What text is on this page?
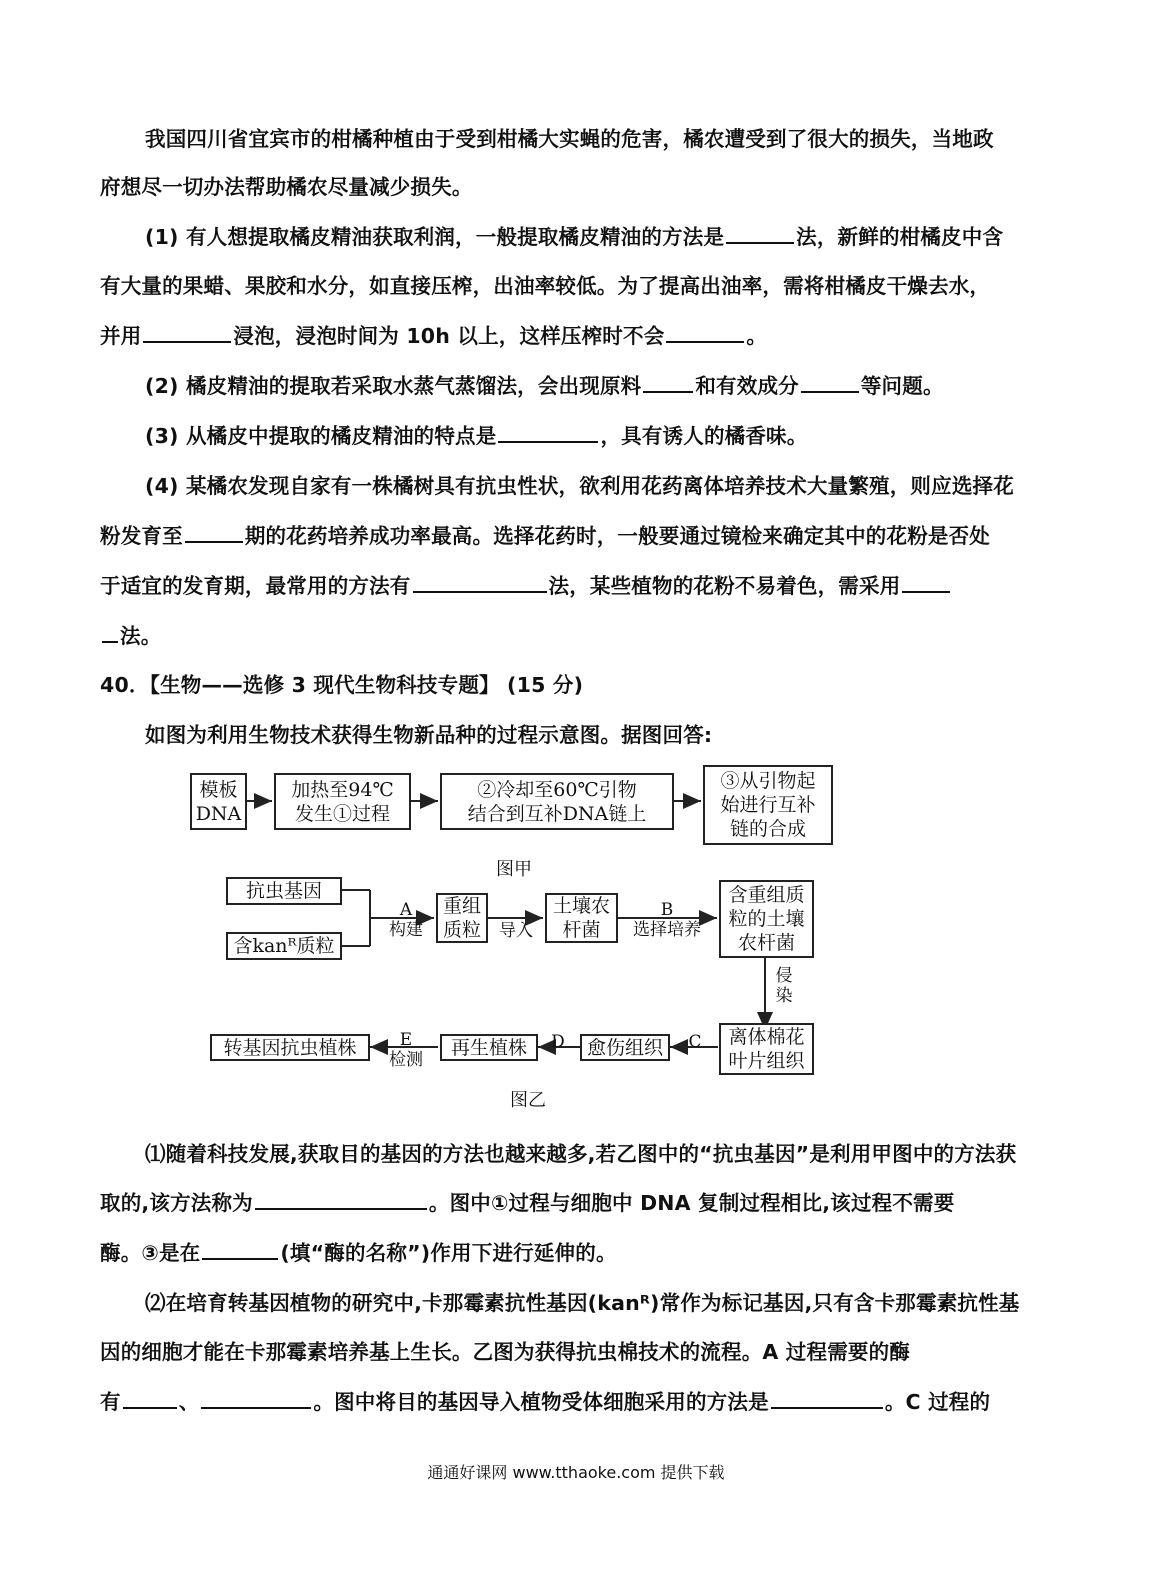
我国四川省宜宾市的柑橘种植由于受到柑橘大实蝇的危害，橘农遭受到了很大的损失，当地政
府想尽一切办法帮助橘农尽量减少损失。
(1) 有人想提取橘皮精油获取利润，一般提取橘皮精油的方法是	法，新鲜的柑橘皮中含
有大量的果蜡、果胶和水分，如直接压榨，出油率较低。为了提高出油率，需将柑橘皮干燥去水，
并用	浸泡，浸泡时间为 10h 以上，这样压榨时不会	。
(2) 橘皮精油的提取若采取水蒸气蒸馏法，会出现原料	和有效成分	等问题。
(3) 从橘皮中提取的橘皮精油的特点是	，具有诱人的橘香味。
(4) 某橘农发现自家有一株橘树具有抗虫性状，欲利用花药离体培养技术大量繁殖，则应选择花
粉发育至	期的花药培养成功率最高。选择花药时，一般要通过镜检来确定其中的花粉是否处
于适宜的发育期，最常用的方法有	法，某些植物的花粉不易着色，需采用
法。
40．【生物——选修 3 现代生物科技专题】 (15 分)
如图为利用生物技术获得生物新品种的过程示意图。据图回答:
模板
DNA
加热至94℃
发生①过程
②冷却至60℃引物
结合到互补DNA链上
③从引物起
始进行互补
链的合成
图甲
抗虫基因
含kanᴿ质粒
重组
质粒
土壤农
杆菌
含重组质
粒的土壤
农杆菌
离体棉花
叶片组织
愈伤组织
再生植株
转基因抗虫植株
A
构建	导入
B
选择培养
侵
染
C
D
E
检测
图乙
⑴随着科技发展,获取目的基因的方法也越来越多,若乙图中的“抗虫基因”是利用甲图中的方法获
取的,该方法称为	。图中①过程与细胞中 DNA 复制过程相比,该过程不需要
酶。③是在	(填“酶的名称”)作用下进行延伸的。
⑵在培育转基因植物的研究中,卡那霉素抗性基因(kanᴿ)常作为标记基因,只有含卡那霉素抗性基
因的细胞才能在卡那霉素培养基上生长。乙图为获得抗虫棉技术的流程。A 过程需要的酶
有	、	。图中将目的基因导入植物受体细胞采用的方法是	。C 过程的
通通好课网 www.tthaoke.com 提供下载
